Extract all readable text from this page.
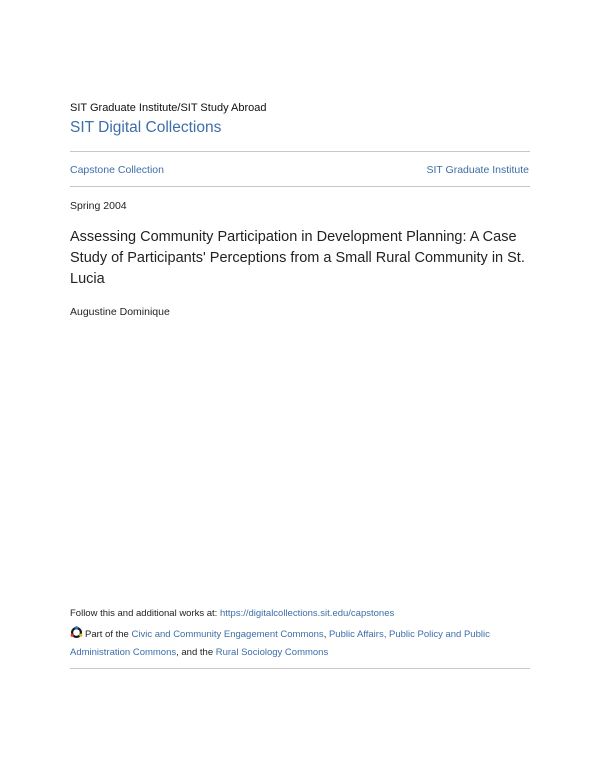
SIT Graduate Institute/SIT Study Abroad
SIT Digital Collections
Capstone Collection	SIT Graduate Institute
Spring 2004
Assessing Community Participation in Development Planning: A Case Study of Participants' Perceptions from a Small Rural Community in St. Lucia
Augustine Dominique
Follow this and additional works at: https://digitalcollections.sit.edu/capstones
Part of the Civic and Community Engagement Commons, Public Affairs, Public Policy and Public Administration Commons, and the Rural Sociology Commons
